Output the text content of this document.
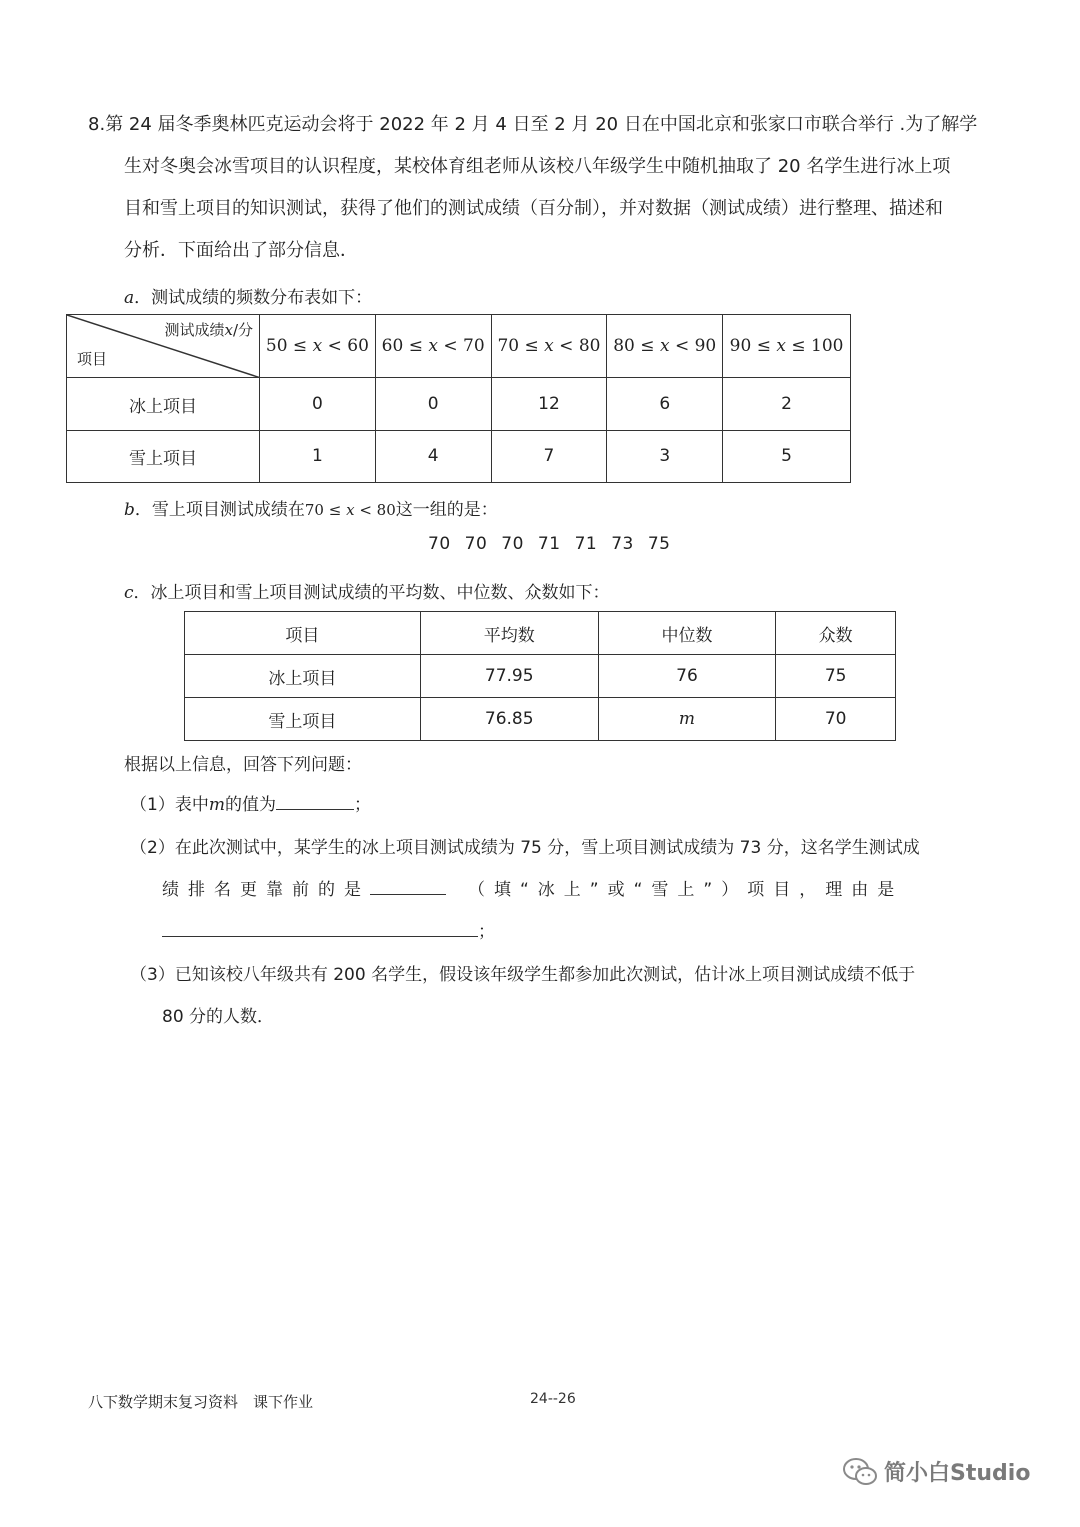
8.第 24 届冬季奥林匹克运动会将于 2022 年 2 月 4 日至 2 月 20 日在中国北京和张家口市联合举行 .为了解学
生对冬奥会冰雪项目的认识程度，某校体育组老师从该校八年级学生中随机抽取了 20 名学生进行冰上项
目和雪上项目的知识测试，获得了他们的测试成绩（百分制），并对数据（测试成绩）进行整理、描述和
分析．下面给出了部分信息．
a．测试成绩的频数分布表如下：
测试成绩x/分
项目	50 ≤ x < 60	60 ≤ x < 70	70 ≤ x < 80	80 ≤ x < 90	90 ≤ x ≤ 100
冰上项目	0	0	12	6	2
雪上项目	1	4	7	3	5
b．雪上项目测试成绩在70 ≤ x < 80这一组的是：
70 70 70 71 71 73 75
c．冰上项目和雪上项目测试成绩的平均数、中位数、众数如下：
项目	平均数	中位数	众数
冰上项目	77.95	76	75
雪上项目	76.85	m	70
根据以上信息，回答下列问题：
（1）表中m的值为	；
（2）在此次测试中，某学生的冰上项目测试成绩为 75 分，雪上项目测试成绩为 73 分，这名学生测试成
绩排名更靠前的是	（填“冰上”或“雪上”）项目，理由是
；
（3）已知该校八年级共有 200 名学生，假设该年级学生都参加此次测试，估计冰上项目测试成绩不低于
80 分的人数．
八下数学期末复习资料　课下作业	24--26
简小白Studio
